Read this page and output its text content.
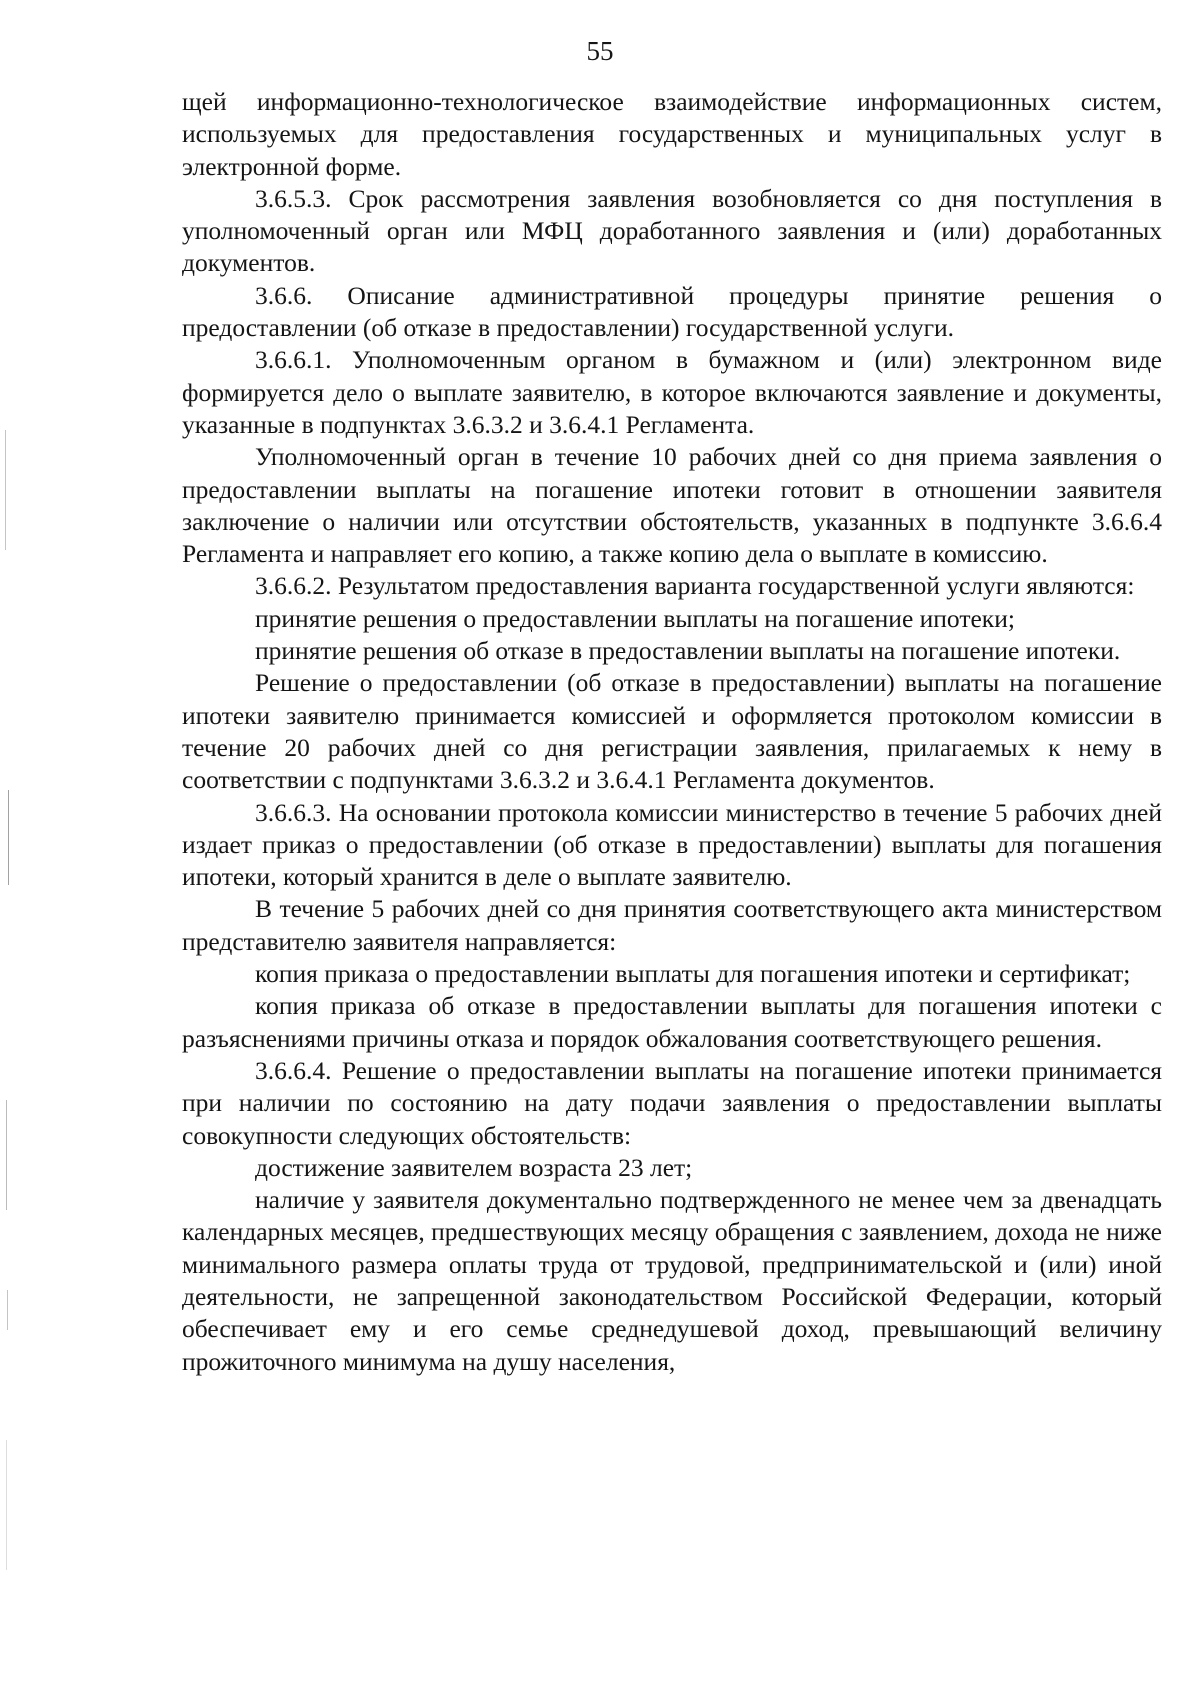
55

щей информационно-технологическое взаимодействие информационных систем, используемых для предоставления государственных и муниципальных услуг в электронной форме.

3.6.5.3. Срок рассмотрения заявления возобновляется со дня поступления в уполномоченный орган или МФЦ доработанного заявления и (или) доработанных документов.

3.6.6. Описание административной процедуры принятие решения о предоставлении (об отказе в предоставлении) государственной услуги.

3.6.6.1. Уполномоченным органом в бумажном и (или) электронном виде формируется дело о выплате заявителю, в которое включаются заявление и документы, указанные в подпунктах 3.6.3.2 и 3.6.4.1 Регламента.

Уполномоченный орган в течение 10 рабочих дней со дня приема заявления о предоставлении выплаты на погашение ипотеки готовит в отношении заявителя заключение о наличии или отсутствии обстоятельств, указанных в подпункте 3.6.6.4 Регламента и направляет его копию, а также копию дела о выплате в комиссию.

3.6.6.2. Результатом предоставления варианта государственной услуги являются:

принятие решения о предоставлении выплаты на погашение ипотеки;

принятие решения об отказе в предоставлении выплаты на погашение ипотеки.

Решение о предоставлении (об отказе в предоставлении) выплаты на погашение ипотеки заявителю принимается комиссией и оформляется протоколом комиссии в течение 20 рабочих дней со дня регистрации заявления, прилагаемых к нему в соответствии с подпунктами 3.6.3.2 и 3.6.4.1 Регламента документов.

3.6.6.3. На основании протокола комиссии министерство в течение 5 рабочих дней издает приказ о предоставлении (об отказе в предоставлении) выплаты для погашения ипотеки, который хранится в деле о выплате заявителю.

В течение 5 рабочих дней со дня принятия соответствующего акта министерством представителю заявителя направляется:

копия приказа о предоставлении выплаты для погашения ипотеки и сертификат;

копия приказа об отказе в предоставлении выплаты для погашения ипотеки с разъяснениями причины отказа и порядок обжалования соответствующего решения.

3.6.6.4. Решение о предоставлении выплаты на погашение ипотеки принимается при наличии по состоянию на дату подачи заявления о предоставлении выплаты совокупности следующих обстоятельств:

достижение заявителем возраста 23 лет;

наличие у заявителя документально подтвержденного не менее чем за двенадцать календарных месяцев, предшествующих месяцу обращения с заявлением, дохода не ниже минимального размера оплаты труда от трудовой, предпринимательской и (или) иной деятельности, не запрещенной законодательством Российской Федерации, который обеспечивает ему и его семье среднедушевой доход, превышающий величину прожиточного минимума на душу населения,
